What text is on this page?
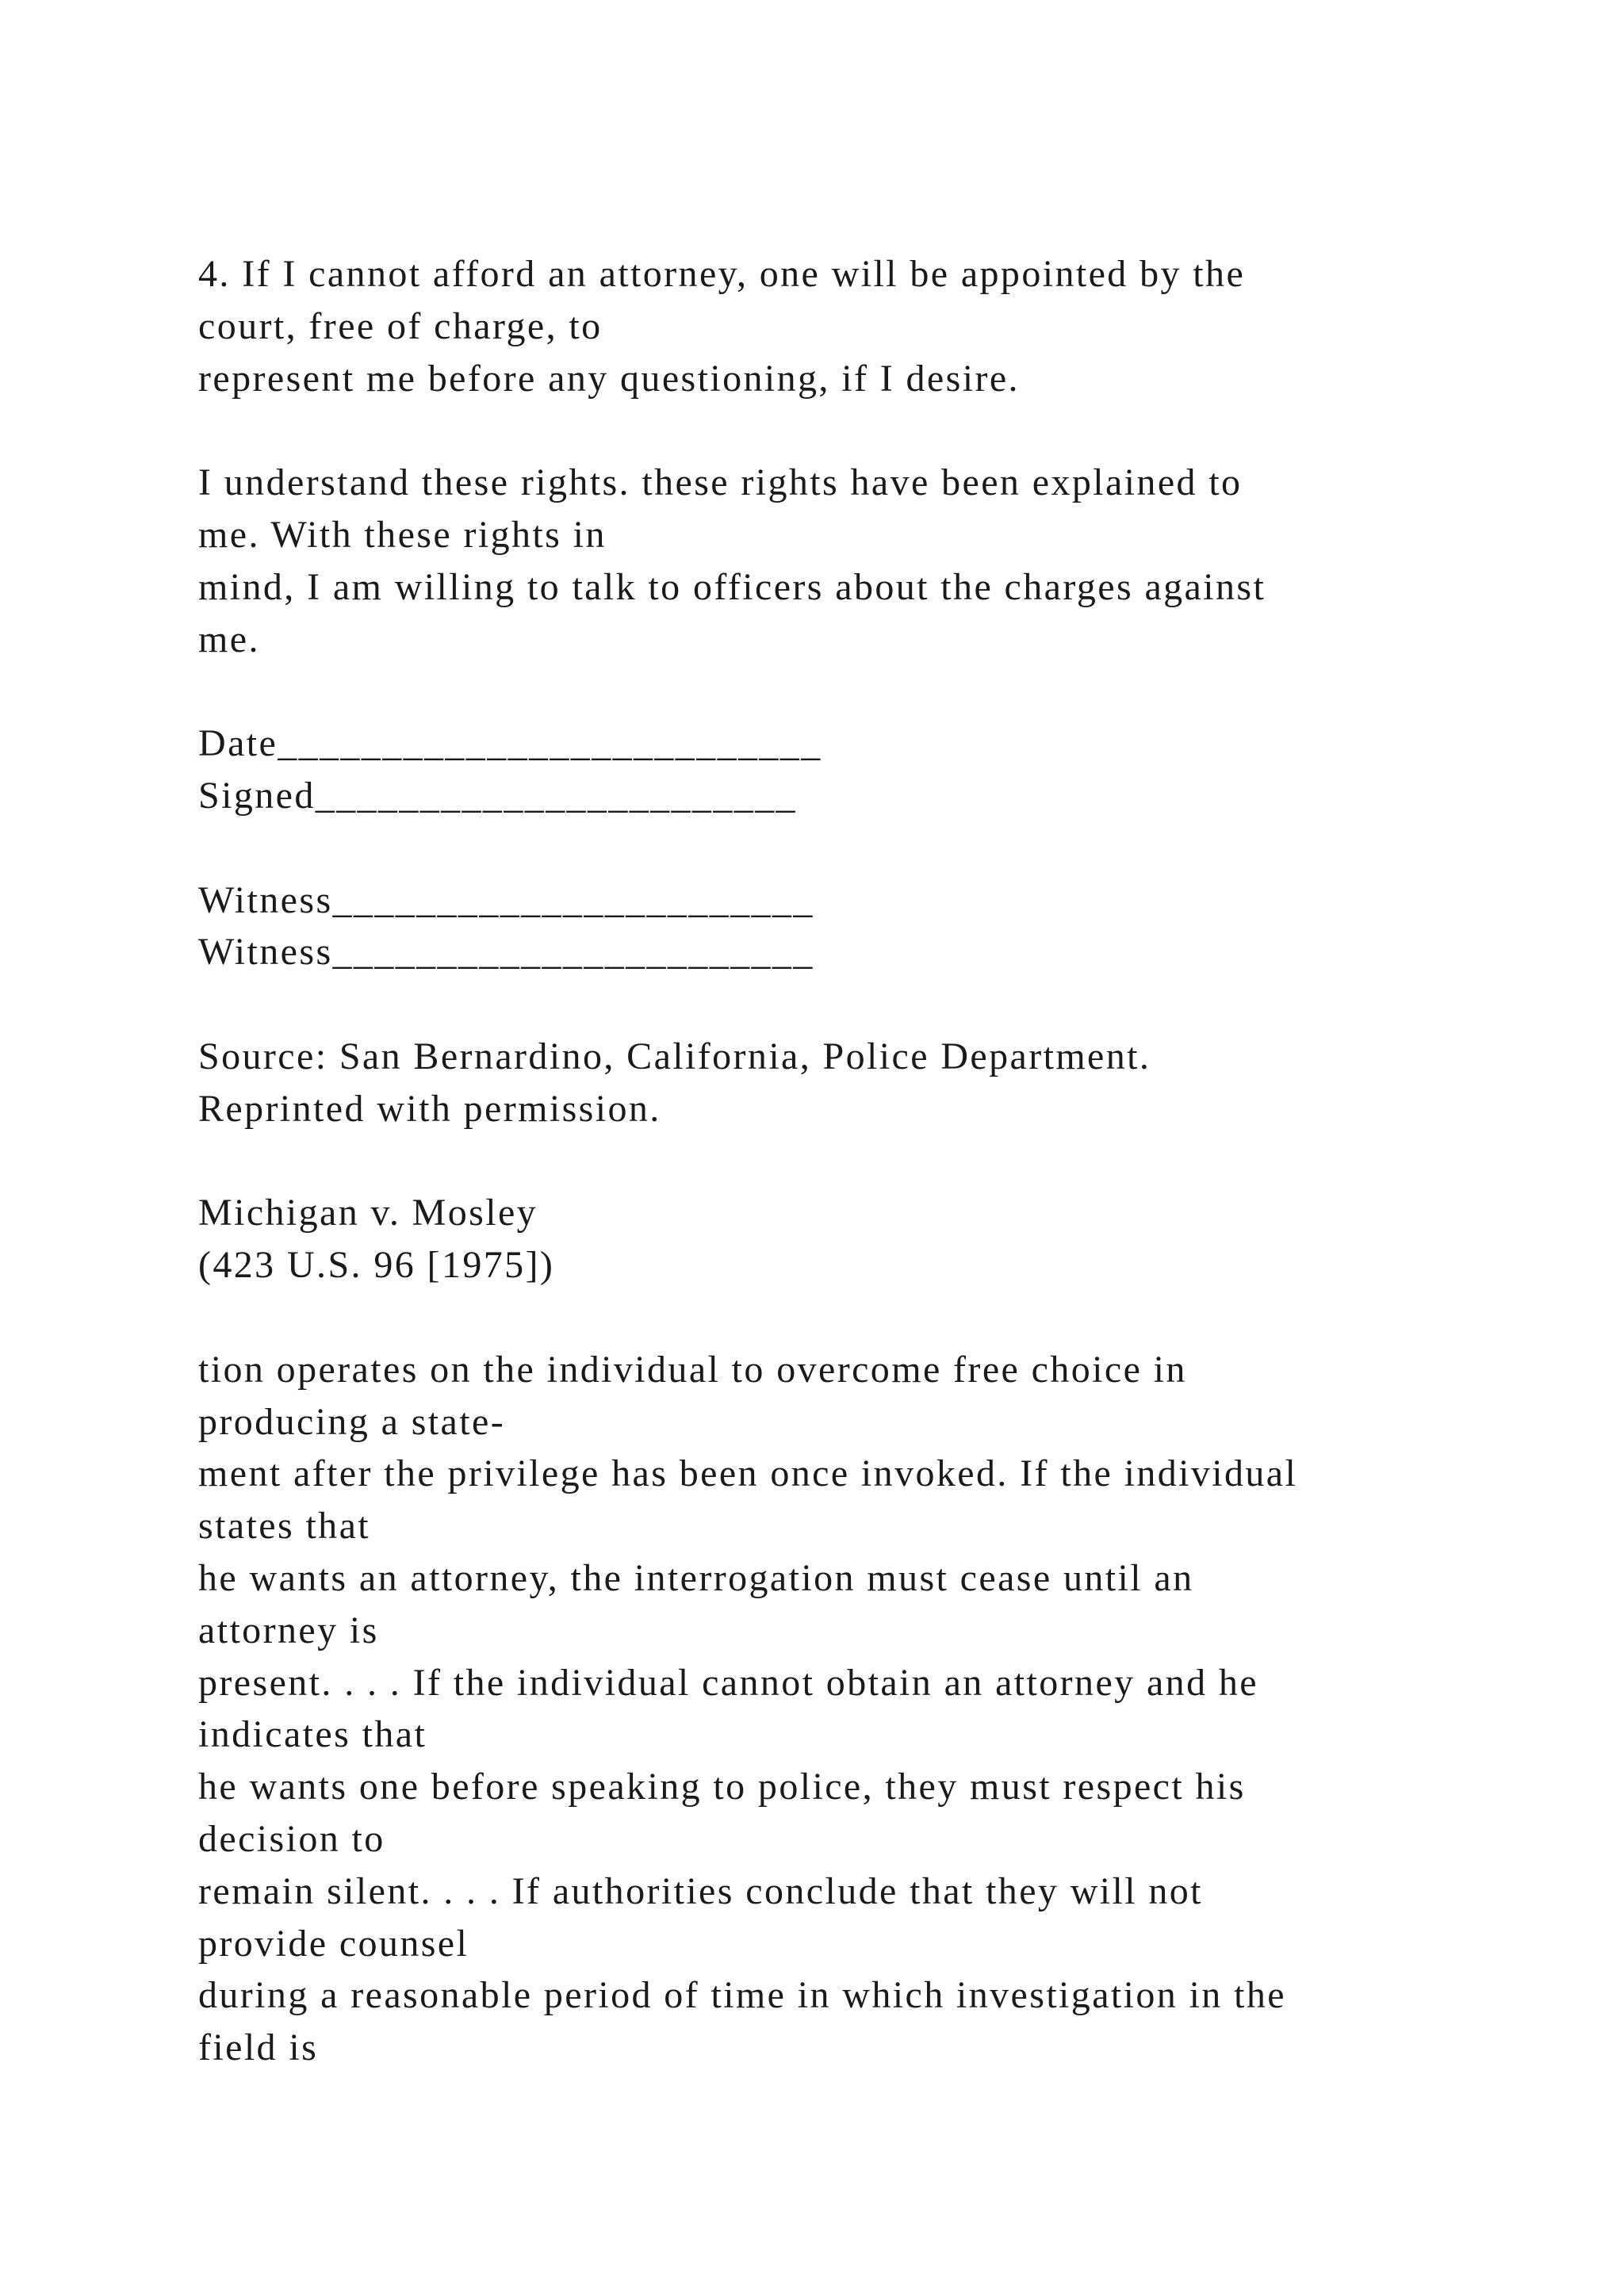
4. If I cannot afford an attorney, one will be appointed by the
court, free of charge, to
represent me before any questioning, if I desire.
I understand these rights. these rights have been explained to
me. With these rights in
mind, I am willing to talk to officers about the charges against
me.
Date__________________________
Signed_______________________
Witness_______________________
Witness_______________________
Source: San Bernardino, California, Police Department.
Reprinted with permission.
Michigan v. Mosley
(423 U.S. 96 [1975])
tion operates on the individual to overcome free choice in
producing a state-
ment after the privilege has been once invoked. If the individual
states that
he wants an attorney, the interrogation must cease until an
attorney is
present. . . . If the individual cannot obtain an attorney and he
indicates that
he wants one before speaking to police, they must respect his
decision to
remain silent. . . . If authorities conclude that they will not
provide counsel
during a reasonable period of time in which investigation in the
field is
